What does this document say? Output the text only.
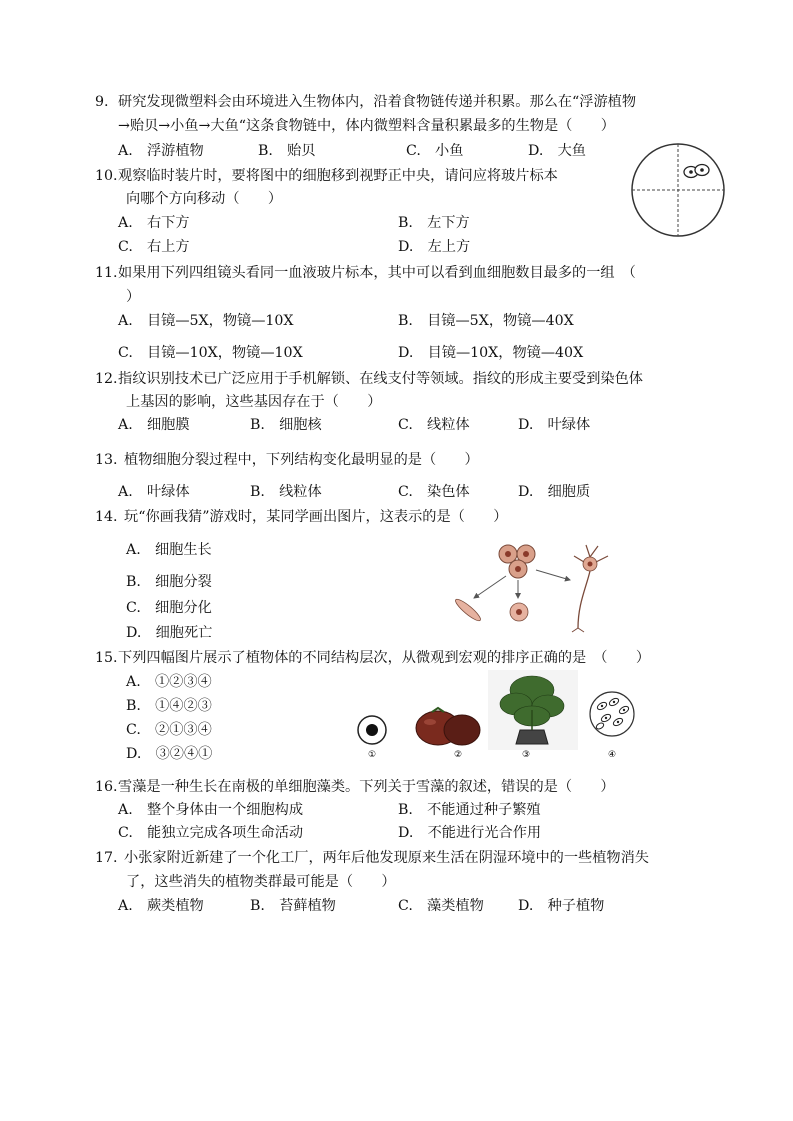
9. 研究发现微塑料会由环境进入生物体内，沿着食物链传递并积累。那么在“浮游植物
→贻贝→小鱼→大鱼“这条食物链中，体内微塑料含量积累最多的生物是（　　）
A.　浮游植物	B.　贻贝	C.　小鱼	D.　大鱼
10. 观察临时装片时，要将图中的细胞移到视野正中央，请问应将玻片标本
向哪个方向移动（　　）
A.　右下方	B.　左下方
C.　右上方	D.　左上方
11. 如果用下列四组镜头看同一血液玻片标本，其中可以看到血细胞数目最多的一组　（
）
A.　目镜—5X，物镜—10X	B.　目镜—5X，物镜—40X
C.　目镜—10X，物镜—10X	D.　目镜—10X，物镜—40X
12. 指纹识别技术已广泛应用于手机解锁、在线支付等领域。指纹的形成主要受到染色体
上基因的影响，这些基因存在于（　　）
A.　细胞膜	B.　细胞核	C.　线粒体	D.　叶绿体
13. 植物细胞分裂过程中，下列结构变化最明显的是（　　）
A.　叶绿体	B.　线粒体	C.　染色体	D.　细胞质
14. 玩“你画我猜”游戏时，某同学画出图片，这表示的是（　　）
A.　细胞生长
B.　细胞分裂
C.　细胞分化
D.　细胞死亡
15. 下列四幅图片展示了植物体的不同结构层次，从微观到宏观的排序正确的是　（　　）
A.　①②③④
B.　①④②③
C.　②①③④
D.　③②④①	①	②	③	④
16. 雪藻是一种生长在南极的单细胞藻类。下列关于雪藻的叙述，错误的是（　　）
A.　整个身体由一个细胞构成	B.　不能通过种子繁殖
C.　能独立完成各项生命活动	D.　不能进行光合作用
17. 小张家附近新建了一个化工厂，两年后他发现原来生活在阴湿环境中的一些植物消失
了，这些消失的植物类群最可能是（　　）
A.　蕨类植物	B.　苔藓植物	C.　藻类植物 D.　种子植物
